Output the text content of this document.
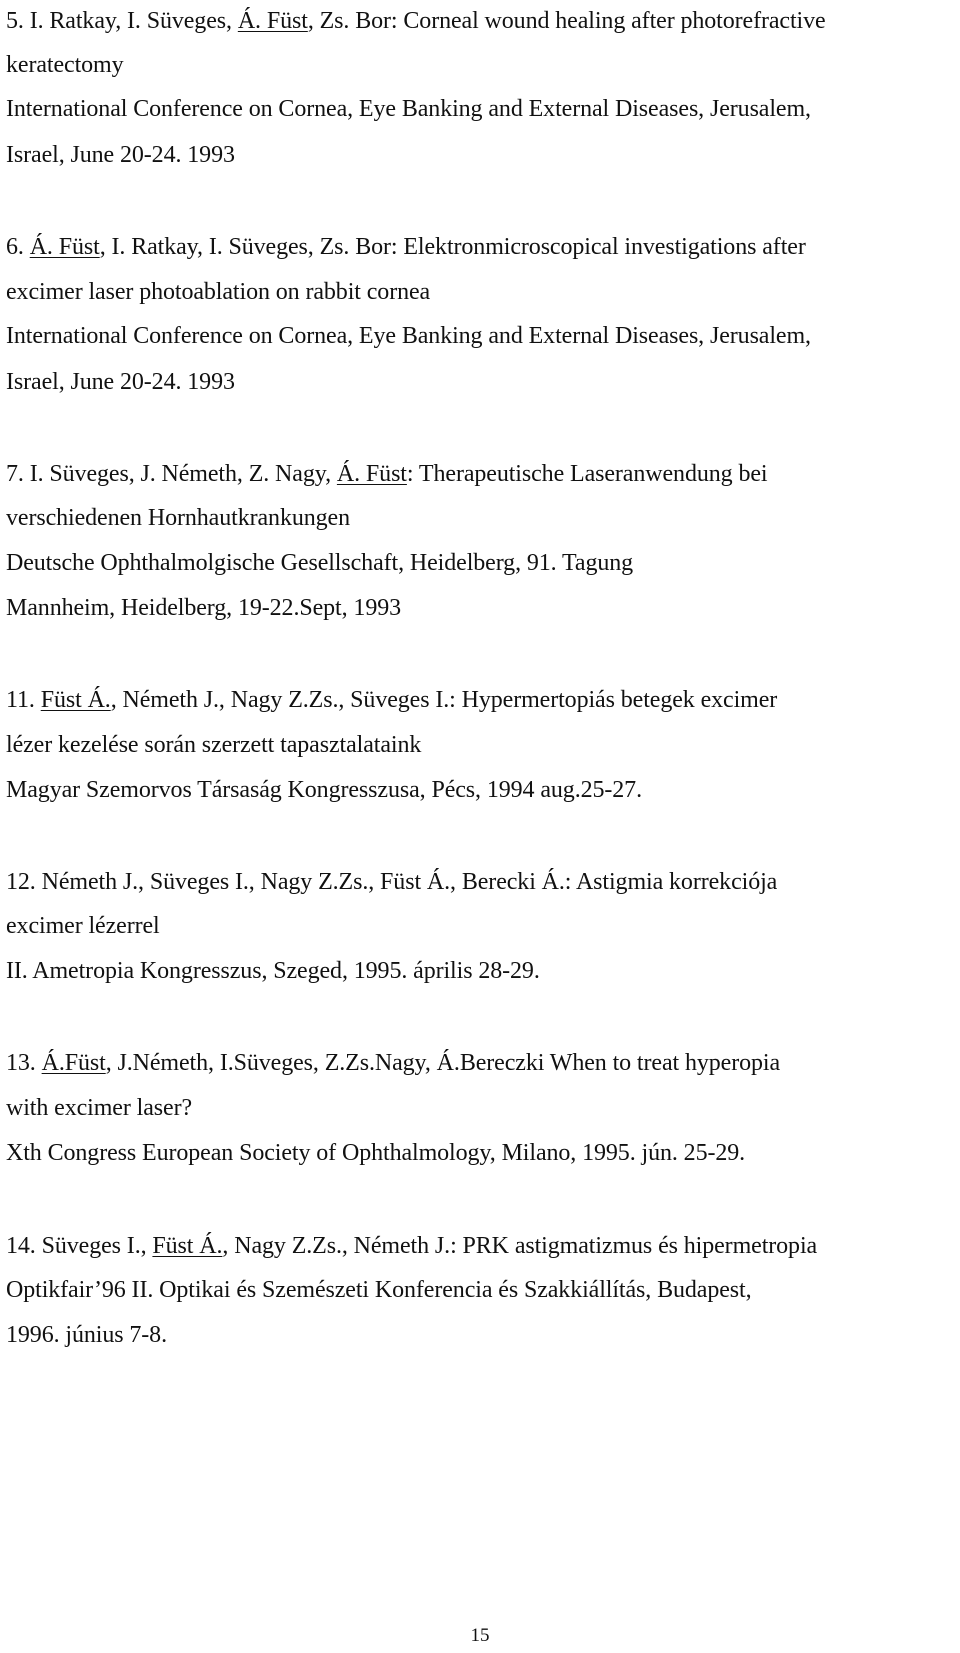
5. I. Ratkay, I. Süveges, Á. Füst, Zs. Bor: Corneal wound healing after photorefractive
keratectomy
International Conference on Cornea, Eye Banking and External Diseases, Jerusalem,
Israel, June 20-24. 1993
6. Á. Füst, I. Ratkay, I. Süveges, Zs. Bor: Elektronmicroscopical investigations after
excimer laser photoablation on rabbit cornea
International Conference on Cornea, Eye Banking and External Diseases, Jerusalem,
Israel, June 20-24. 1993
7. I. Süveges, J. Németh, Z. Nagy, Á. Füst: Therapeutische Laseranwendung bei
verschiedenen Hornhautkrankungen
Deutsche Ophthalmolgische Gesellschaft, Heidelberg, 91. Tagung
Mannheim, Heidelberg, 19-22.Sept, 1993
11. Füst Á., Németh J., Nagy Z.Zs., Süveges I.: Hypermertopiás betegek excimer
lézer kezelése során szerzett tapasztalataink
Magyar Szemorvos Társaság Kongresszusa, Pécs, 1994 aug.25-27.
12. Németh J., Süveges I., Nagy Z.Zs., Füst Á., Berecki Á.: Astigmia korrekciója
excimer lézerrel
II. Ametropia Kongresszus, Szeged, 1995. április 28-29.
13. Á.Füst, J.Németh, I.Süveges, Z.Zs.Nagy, Á.Bereczki When to treat hyperopia
with excimer laser?
Xth Congress European Society of Ophthalmology, Milano, 1995. jún. 25-29.
14. Süveges I., Füst Á., Nagy Z.Zs., Németh J.: PRK astigmatizmus és hipermetropia
Optikfair’96 II. Optikai és Szemészeti Konferencia és Szakkiállítás, Budapest,
1996. június 7-8.
15
